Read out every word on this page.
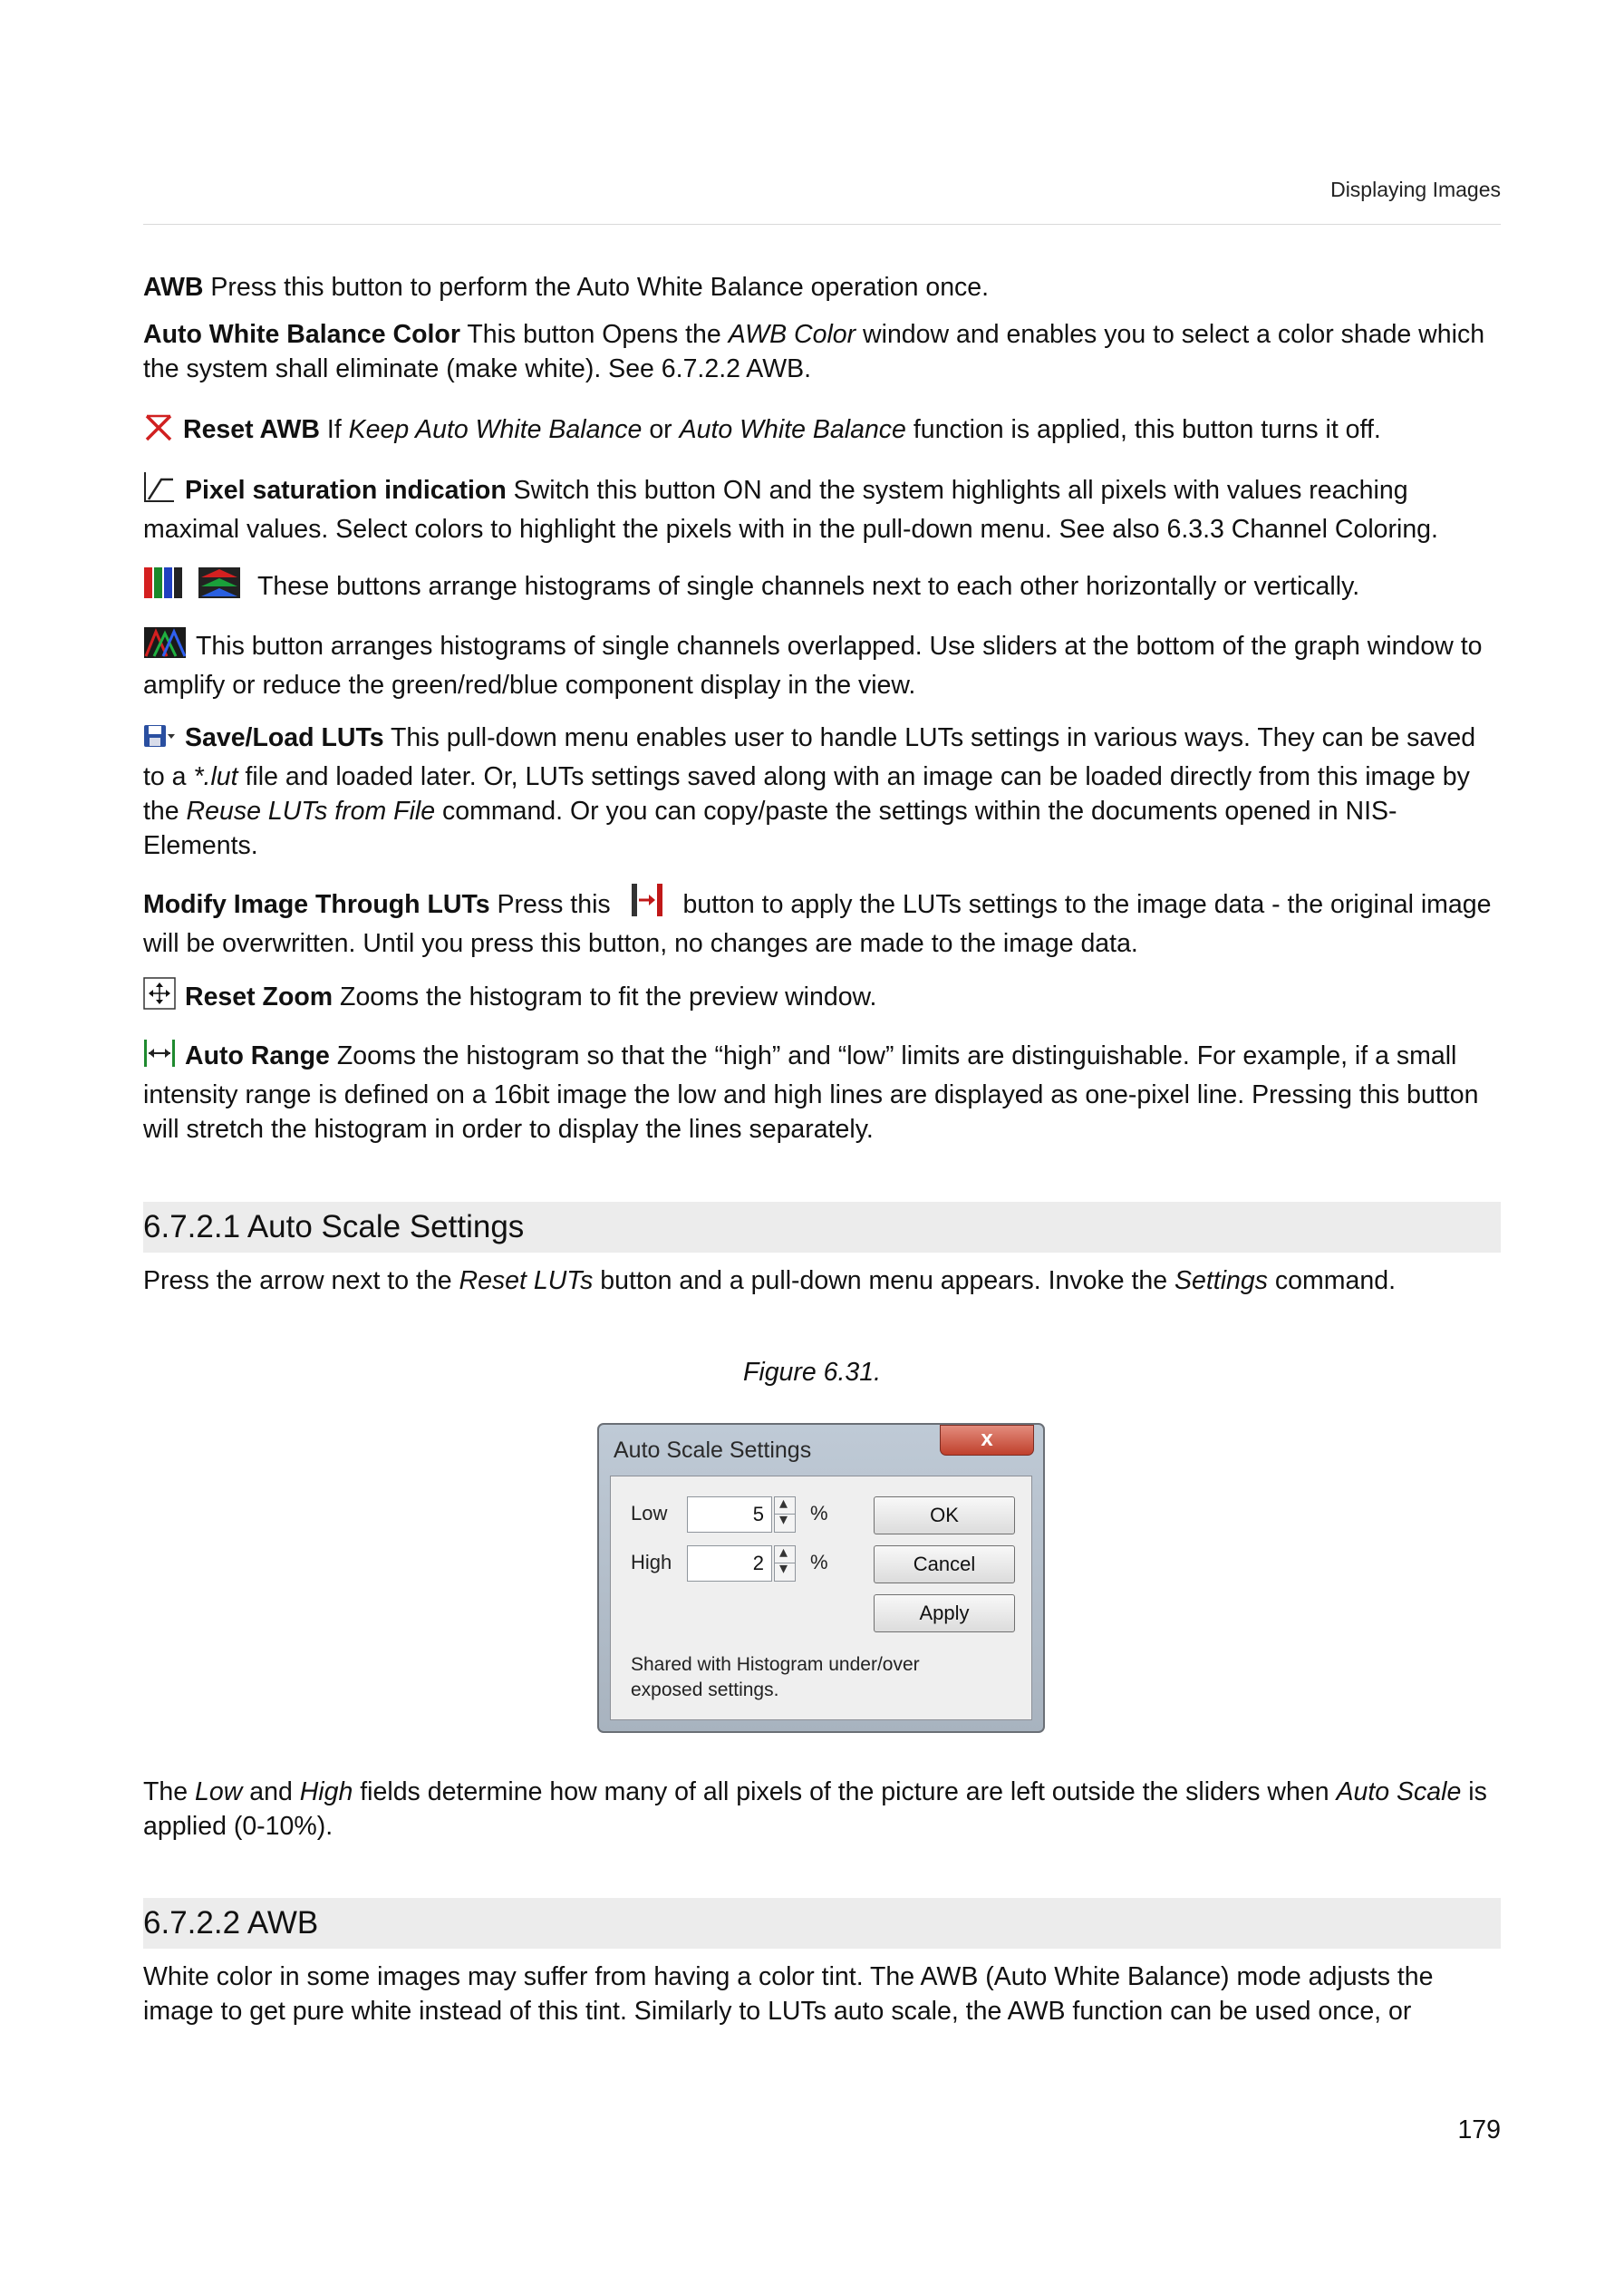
Displaying Images
AWB Press this button to perform the Auto White Balance operation once.
Auto White Balance Color This button Opens the AWB Color window and enables you to select a color shade which the system shall eliminate (make white). See 6.7.2.2 AWB.
Reset AWB If Keep Auto White Balance or Auto White Balance function is applied, this button turns it off.
Pixel saturation indication Switch this button ON and the system highlights all pixels with values reaching maximal values. Select colors to highlight the pixels with in the pull-down menu. See also 6.3.3 Channel Coloring.
These buttons arrange histograms of single channels next to each other horizontally or vertically.
This button arranges histograms of single channels overlapped. Use sliders at the bottom of the graph window to amplify or reduce the green/red/blue component display in the view.
Save/Load LUTs This pull-down menu enables user to handle LUTs settings in various ways. They can be saved to a *.lut file and loaded later. Or, LUTs settings saved along with an image can be loaded directly from this image by the Reuse LUTs from File command. Or you can copy/paste the settings within the documents opened in NIS-Elements.
Modify Image Through LUTs Press this  button to apply the LUTs settings to the image data - the original image will be overwritten. Until you press this button, no changes are made to the image data.
Reset Zoom Zooms the histogram to fit the preview window.
Auto Range Zooms the histogram so that the “high” and “low” limits are distinguishable. For example, if a small intensity range is defined on a 16bit image the low and high lines are displayed as one-pixel line. Pressing this button will stretch the histogram in order to display the lines separately.
6.7.2.1 Auto Scale Settings
Press the arrow next to the Reset LUTs button and a pull-down menu appears. Invoke the Settings command.
Figure 6.31.
Auto Scale Settings	x
Low	5 ▴
▾	%
High	2 ▴
▾	%
OK
Cancel
Apply
Shared with Histogram under/over exposed settings.
The Low and High fields determine how many of all pixels of the picture are left outside the sliders when Auto Scale is applied (0-10%).
6.7.2.2 AWB
White color in some images may suffer from having a color tint. The AWB (Auto White Balance) mode adjusts the image to get pure white instead of this tint. Similarly to LUTs auto scale, the AWB function can be used once, or
179
